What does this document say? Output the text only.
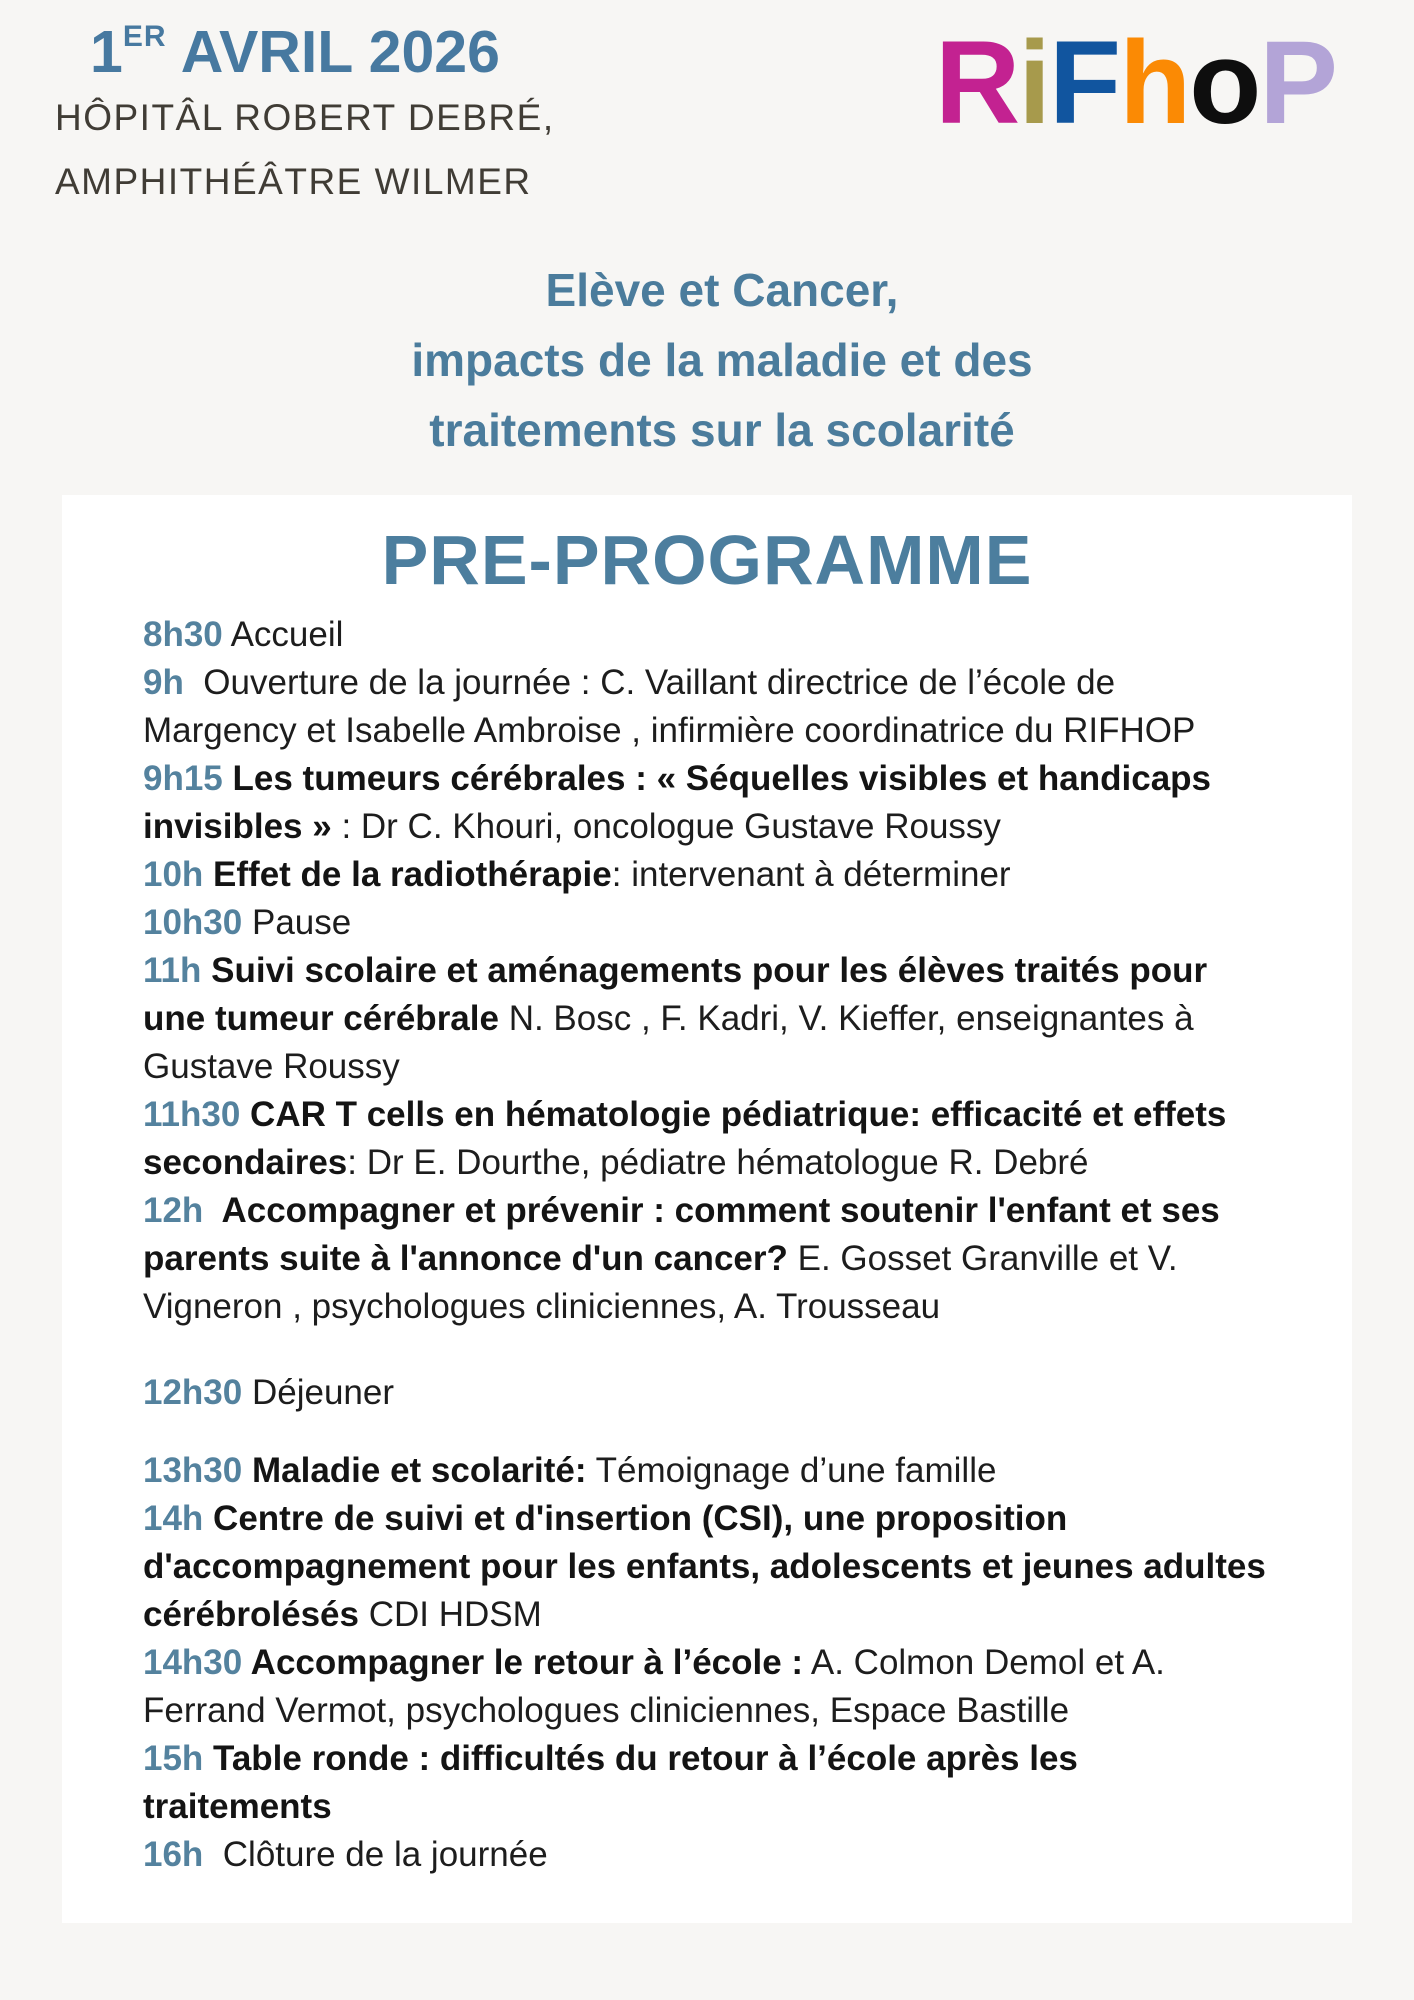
1ER AVRIL 2026
HÔPITÂL ROBERT DEBRÉ,
AMPHITHÉÂTRE WILMER
RiFhoP
Elève et Cancer,
impacts de la maladie et des
traitements sur la scolarité
PRE-PROGRAMME
8h30 Accueil
9h  Ouverture de la journée : C. Vaillant directrice de l’école de
Margency et Isabelle Ambroise , infirmière coordinatrice du RIFHOP
9h15 Les tumeurs cérébrales : « Séquelles visibles et handicaps
invisibles » : Dr C. Khouri, oncologue Gustave Roussy
10h Effet de la radiothérapie: intervenant à déterminer
10h30 Pause
11h Suivi scolaire et aménagements pour les élèves traités pour
une tumeur cérébrale N. Bosc , F. Kadri, V. Kieffer, enseignantes à
Gustave Roussy
11h30 CAR T cells en hématologie pédiatrique: efficacité et effets
secondaires: Dr E. Dourthe, pédiatre hématologue R. Debré
12h  Accompagner et prévenir : comment soutenir l'enfant et ses
parents suite à l'annonce d'un cancer? E. Gosset Granville et V.
Vigneron , psychologues cliniciennes, A. Trousseau
12h30 Déjeuner
13h30 Maladie et scolarité: Témoignage d’une famille
14h Centre de suivi et d'insertion (CSI), une proposition
d'accompagnement pour les enfants, adolescents et jeunes adultes
cérébrolésés CDI HDSM
14h30 Accompagner le retour à l’école : A. Colmon Demol et A.
Ferrand Vermot, psychologues cliniciennes, Espace Bastille
15h Table ronde : difficultés du retour à l’école après les
traitements
16h  Clôture de la journée
